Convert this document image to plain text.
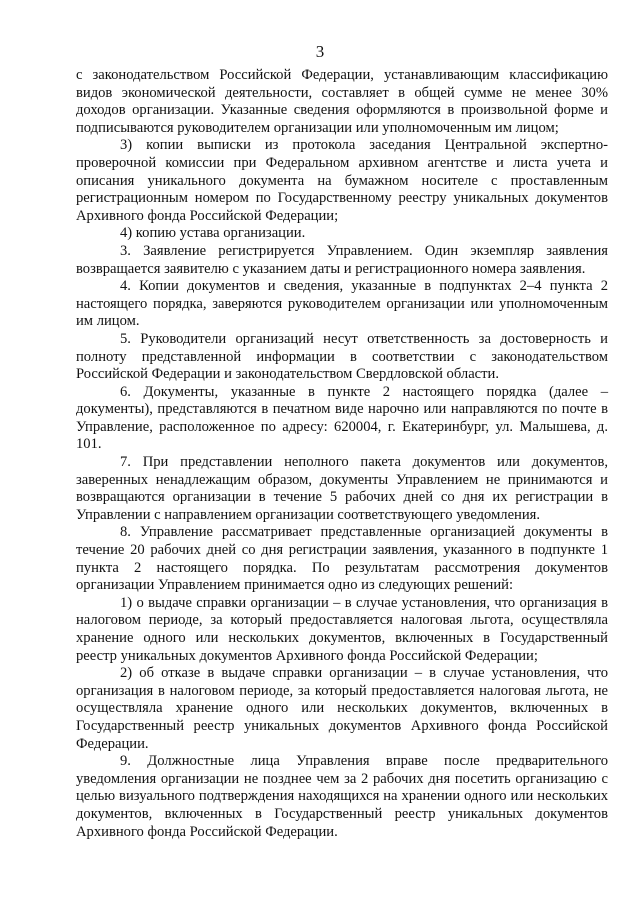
3

с законодательством Российской Федерации, устанавливающим классификацию видов экономической деятельности, составляет в общей сумме не менее 30% доходов организации. Указанные сведения оформляются в произвольной форме и подписываются руководителем организации или уполномоченным им лицом;

3) копии выписки из протокола заседания Центральной экспертно-проверочной комиссии при Федеральном архивном агентстве и листа учета и описания уникального документа на бумажном носителе с проставленным регистрационным номером по Государственному реестру уникальных документов Архивного фонда Российской Федерации;

4) копию устава организации.

3. Заявление регистрируется Управлением. Один экземпляр заявления возвращается заявителю с указанием даты и регистрационного номера заявления.

4. Копии документов и сведения, указанные в подпунктах 2–4 пункта 2 настоящего порядка, заверяются руководителем организации или уполномоченным им лицом.

5. Руководители организаций несут ответственность за достоверность и полноту представленной информации в соответствии с законодательством Российской Федерации и законодательством Свердловской области.

6. Документы, указанные в пункте 2 настоящего порядка (далее – документы), представляются в печатном виде нарочно или направляются по почте в Управление, расположенное по адресу: 620004, г. Екатеринбург, ул. Малышева, д. 101.

7. При представлении неполного пакета документов или документов, заверенных ненадлежащим образом, документы Управлением не принимаются и возвращаются организации в течение 5 рабочих дней со дня их регистрации в Управлении с направлением организации соответствующего уведомления.

8. Управление рассматривает представленные организацией документы в течение 20 рабочих дней со дня регистрации заявления, указанного в подпункте 1 пункта 2 настоящего порядка. По результатам рассмотрения документов организации Управлением принимается одно из следующих решений:

1) о выдаче справки организации – в случае установления, что организация в налоговом периоде, за который предоставляется налоговая льгота, осуществляла хранение одного или нескольких документов, включенных в Государственный реестр уникальных документов Архивного фонда Российской Федерации;

2) об отказе в выдаче справки организации – в случае установления, что организация в налоговом периоде, за который предоставляется налоговая льгота, не осуществляла хранение одного или нескольких документов, включенных в Государственный реестр уникальных документов Архивного фонда Российской Федерации.

9. Должностные лица Управления вправе после предварительного уведомления организации не позднее чем за 2 рабочих дня посетить организацию с целью визуального подтверждения находящихся на хранении одного или нескольких документов, включенных в Государственный реестр уникальных документов Архивного фонда Российской Федерации.
